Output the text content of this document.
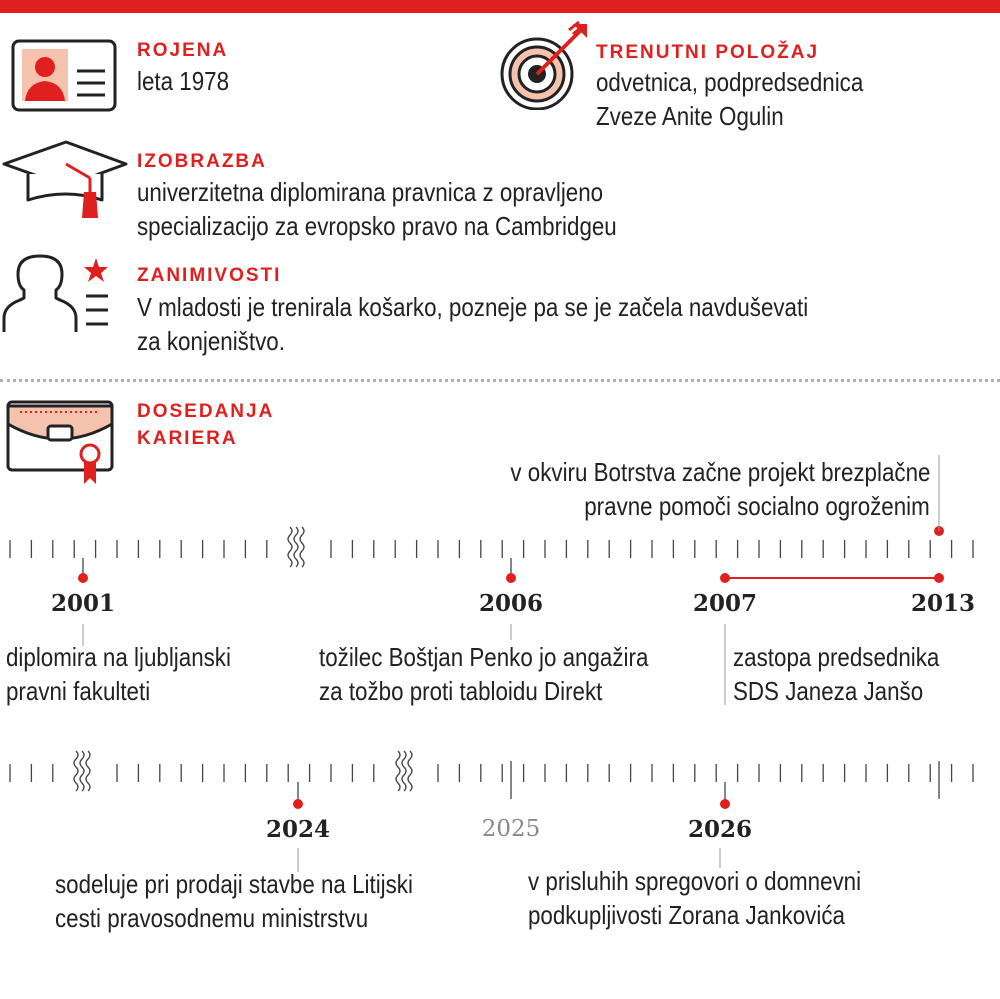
ROJENA
leta 1978
TRENUTNI POLOŽAJ
odvetnica, podpredsednica
Zveze Anite Ogulin
IZOBRAZBA
univerzitetna diplomirana pravnica z opravljeno
specializacijo za evropsko pravo na Cambridgeu
ZANIMIVOSTI
V mladosti je trenirala košarko, pozneje pa se je začela navduševati
za konjeništvo.
DOSEDANJA
KARIERA
2001	2006	2007	2013
diplomira na ljubljanski
pravni fakulteti
tožilec Boštjan Penko jo angažira
za tožbo proti tabloidu Direkt
zastopa predsednika
SDS Janeza Janšo
v okviru Botrstva začne projekt brezplačne
pravne pomoči socialno ogroženim
2024	2025	2026
sodeluje pri prodaji stavbe na Litijski
cesti pravosodnemu ministrstvu
v prisluhih spregovori o domnevni
podkupljivosti Zorana Jankovića
